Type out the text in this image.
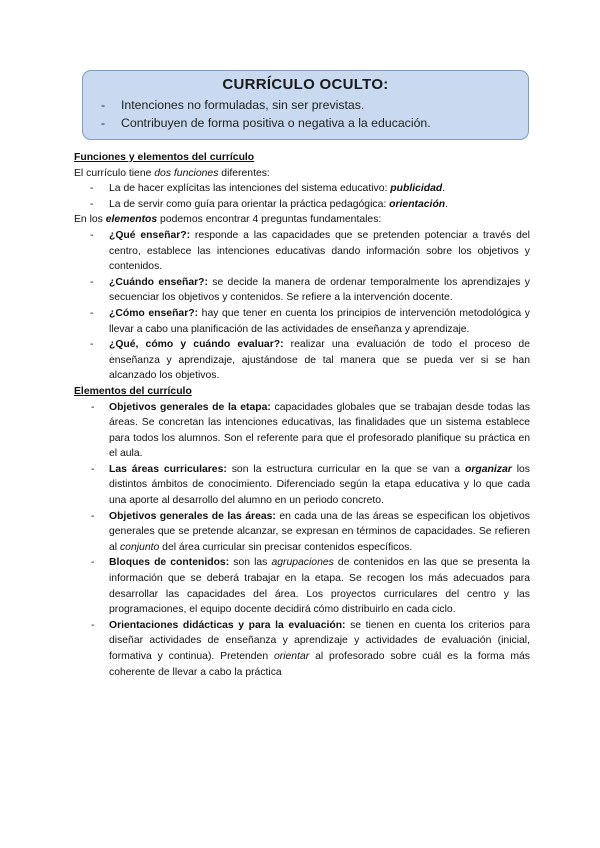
CURRÍCULO OCULTO:
-	Intenciones no formuladas, sin ser previstas.
-	Contribuyen de forma positiva o negativa a la educación.
Funciones y elementos del currículo
El currículo tiene dos funciones diferentes:
-	La de hacer explícitas las intenciones del sistema educativo: publicidad.
-	La de servir como guía para orientar la práctica pedagógica: orientación.
En los elementos podemos encontrar 4 preguntas fundamentales:
-	¿Qué enseñar?: responde a las capacidades que se pretenden potenciar a través del centro, establece las intenciones educativas dando información sobre los objetivos y contenidos.
-	¿Cuándo enseñar?: se decide la manera de ordenar temporalmente los aprendizajes y secuenciar los objetivos y contenidos. Se refiere a la intervención docente.
-	¿Cómo enseñar?: hay que tener en cuenta los principios de intervención metodológica y llevar a cabo una planificación de las actividades de enseñanza y aprendizaje.
-	¿Qué, cómo y cuándo evaluar?: realizar una evaluación de todo el proceso de enseñanza y aprendizaje, ajustándose de tal manera que se pueda ver si se han alcanzado los objetivos.
Elementos del currículo
-	Objetivos generales de la etapa: capacidades globales que se trabajan desde todas las áreas. Se concretan las intenciones educativas, las finalidades que un sistema establece para todos los alumnos. Son el referente para que el profesorado planifique su práctica en el aula.
-	Las áreas curriculares: son la estructura curricular en la que se van a organizar los distintos ámbitos de conocimiento. Diferenciado según la etapa educativa y lo que cada una aporte al desarrollo del alumno en un periodo concreto.
-	Objetivos generales de las áreas: en cada una de las áreas se especifican los objetivos generales que se pretende alcanzar, se expresan en términos de capacidades. Se refieren al conjunto del área curricular sin precisar contenidos específicos.
-	Bloques de contenidos: son las agrupaciones de contenidos en las que se presenta la información que se deberá trabajar en la etapa. Se recogen los más adecuados para desarrollar las capacidades del área. Los proyectos curriculares del centro y las programaciones, el equipo docente decidirá cómo distribuirlo en cada ciclo.
-	Orientaciones didácticas y para la evaluación: se tienen en cuenta los criterios para diseñar actividades de enseñanza y aprendizaje y actividades de evaluación (inicial, formativa y continua). Pretenden orientar al profesorado sobre cuál es la forma más coherente de llevar a cabo la práctica
